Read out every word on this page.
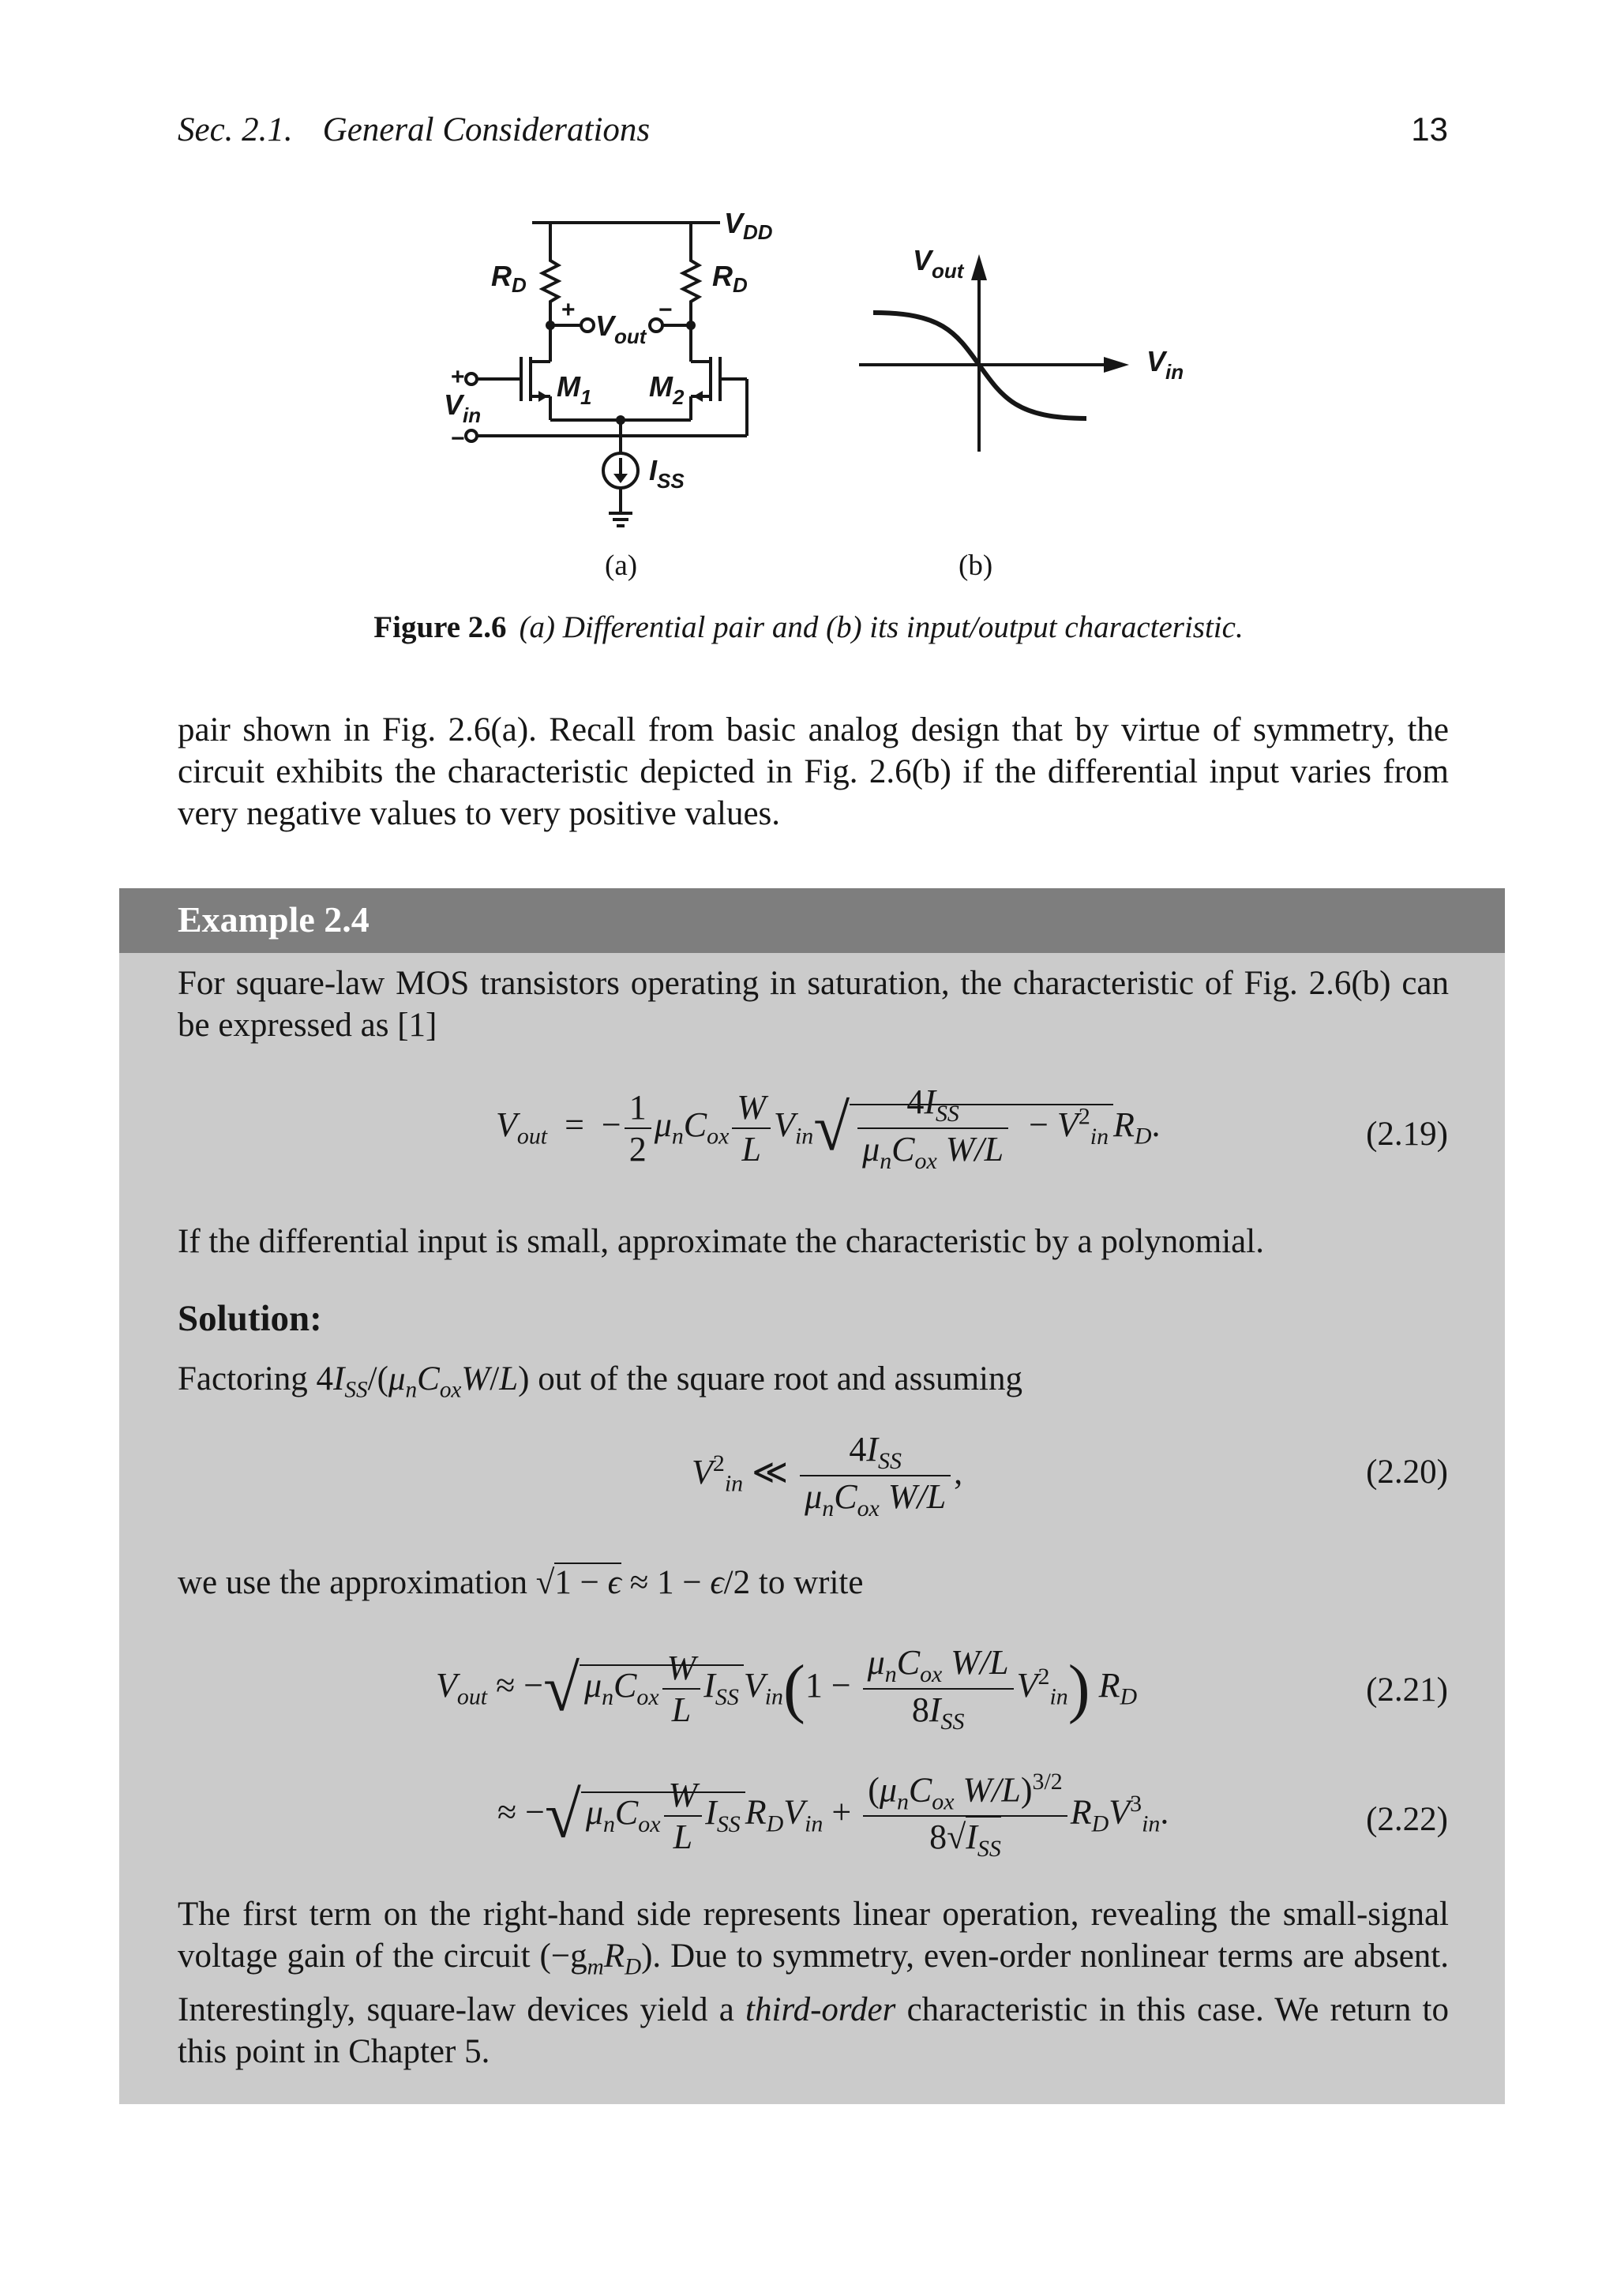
Sec. 2.1. General Considerations	13
$V_{DD}$
$R_D$	$R_D$
+	−
$V_{out}$
$M_1$ $M_2$
+
−
$V_{in}$
$I_{SS}$
$V_{out}$
$V_{in}$
(a)	(b)
Figure 2.6 (a) Differential pair and (b) its input/output characteristic.
pair shown in Fig. 2.6(a). Recall from basic analog design that by virtue of symmetry, the circuit exhibits the characteristic depicted in Fig. 2.6(b) if the differential input varies from very negative values to very positive values.
Example 2.4
For square-law MOS transistors operating in saturation, the characteristic of Fig. 2.6(b) can be expressed as [1]
$V_{out}$  =  − $\frac{1}{2} \mu_nC_{ox} \frac{W}{L} V_{in}√ \frac{4I_{SS}}{\mu_nC_{ox} W/L} - V^2_{in}$ $R_D$.	(2.19)
If the differential input is small, approximate the characteristic by a polynomial.
Solution:
Factoring $4I_{SS}/(\mu_nC_{ox}W/L)$ out of the square root and assuming
$V^2_{in}$ ≪ $\frac{4I_{SS}}{\mu_nC_{ox} W/L}$ ,	(2.20)
we use the approximation √1 − ϵ ≈ 1 − ϵ/2 to write
$V_{out}$ ≈ −√ $\mu_nC_{ox} \frac{W}{L} I_{SS}$ $V_{in}(1 - \frac{\mu_nC_{ox} W/L}{8I_{SS}} V^2_{in})$ $R_D$	(2.21)
≈ −√ $\mu_nC_{ox} \frac{W}{L} I_{SS}$ $R_DV_{in} + \frac{(\mu_nC_{ox} W/L)^{3/2}}{8√I_{SS}} R_DV^3_{in}$.	(2.22)
The first term on the right-hand side represents linear operation, revealing the small-signal voltage gain of the circuit $(-g_mR_D)$. Due to symmetry, even-order nonlinear terms are absent. Interestingly, square-law devices yield a third-order characteristic in this case. We return to this point in Chapter 5.
